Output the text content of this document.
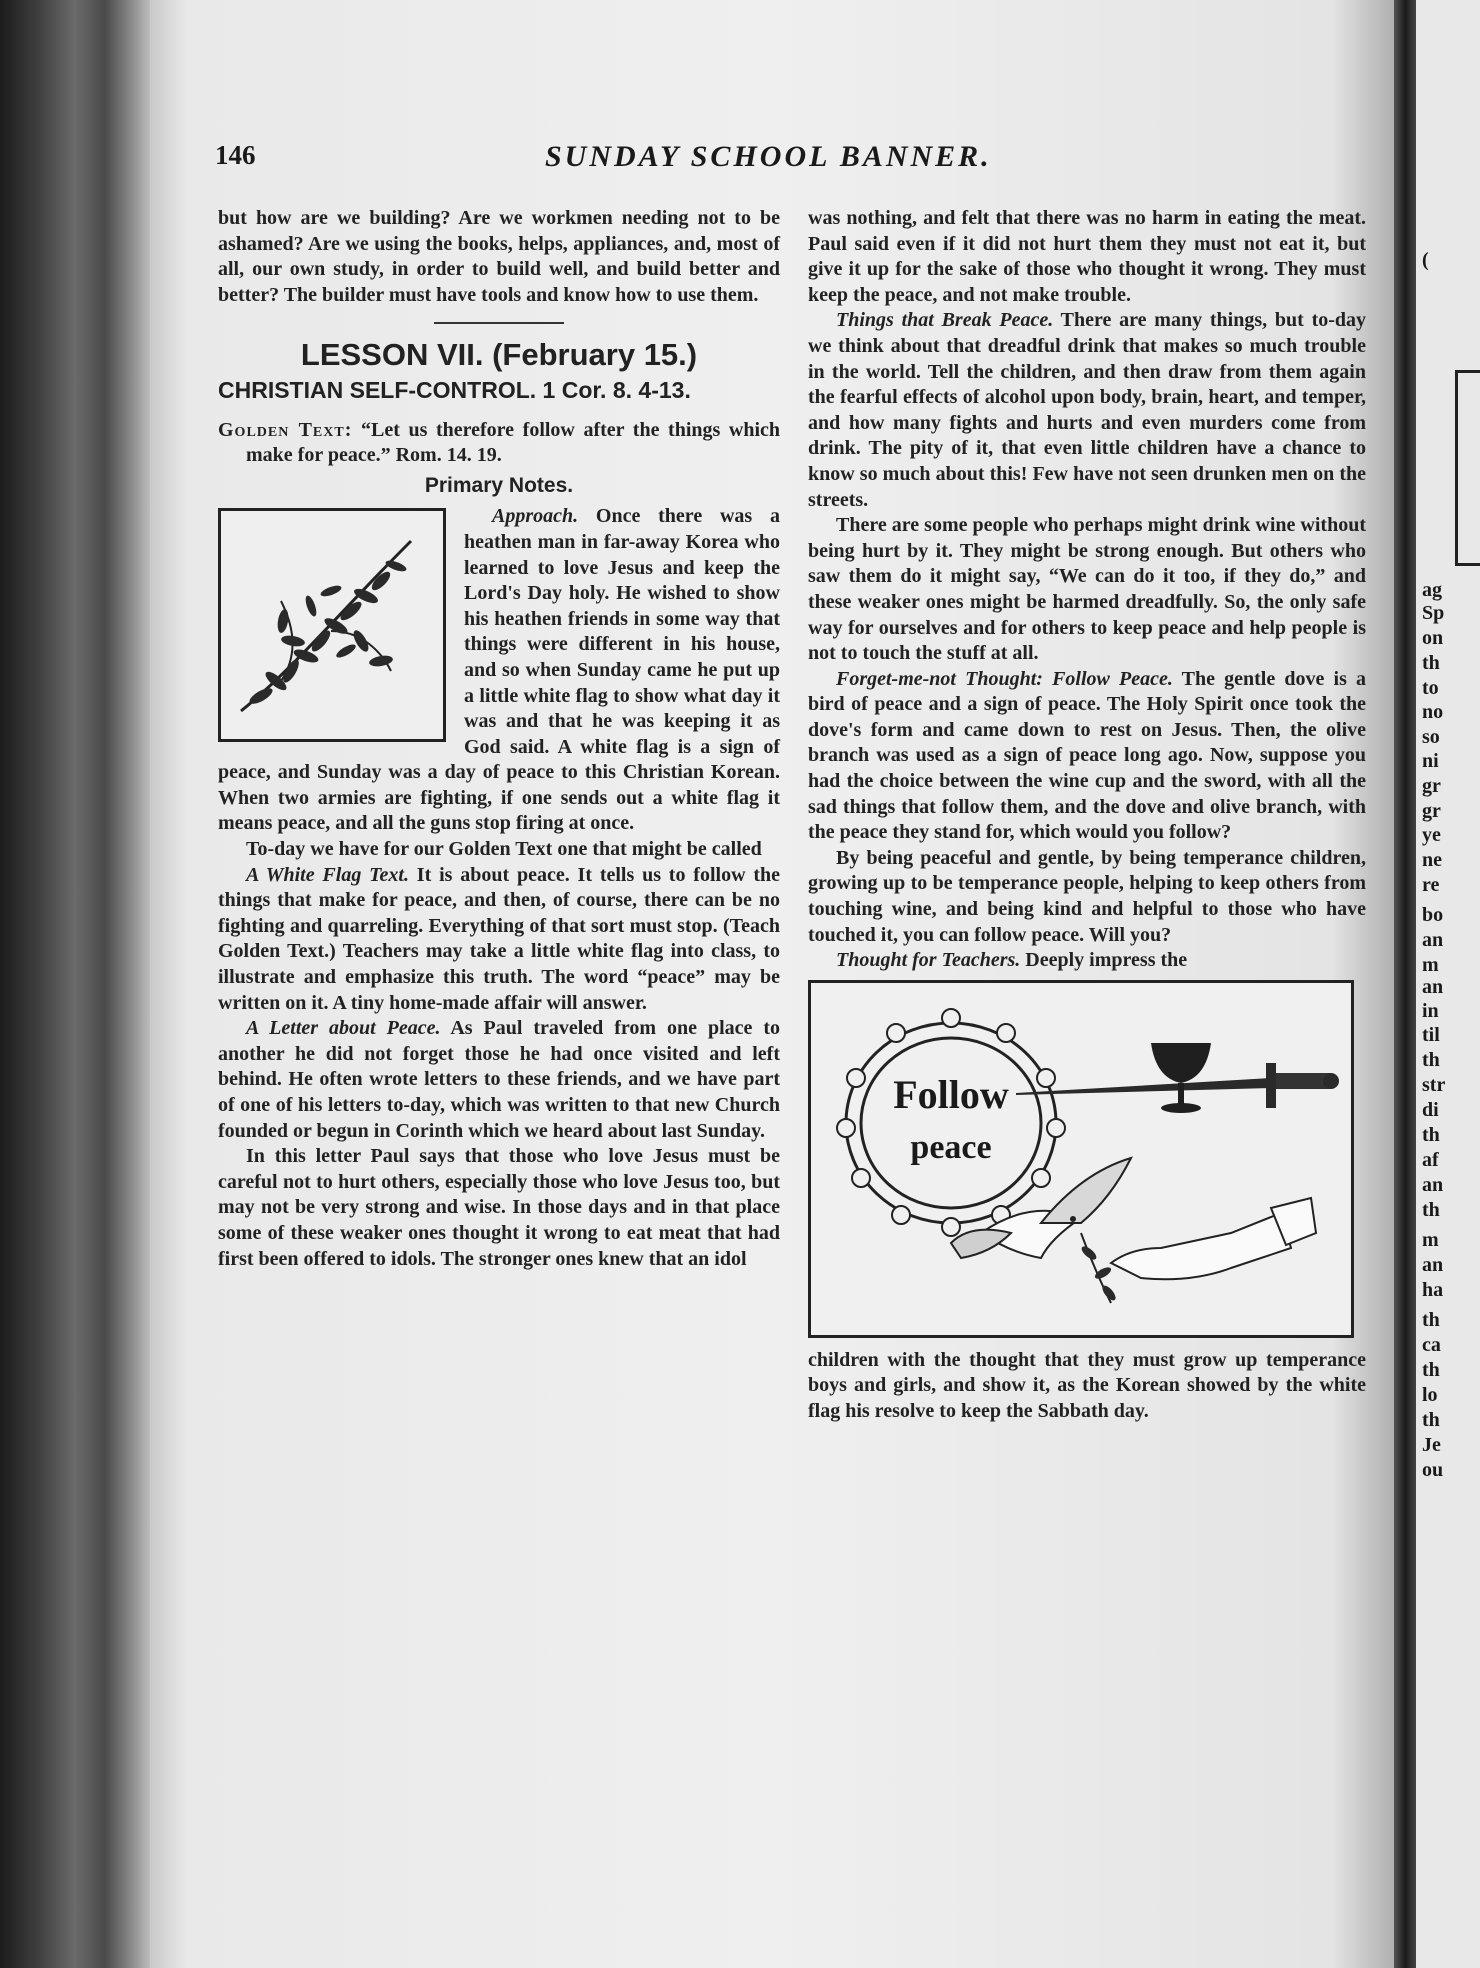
(
ag
Sp
on
th
to
no
so
ni
gr
gr
ye
ne
re
bo
an
m
an
in
til
th
str
di
th
af
an
th
m
an
ha
th
ca
th
lo
th
Je
ou
146	SUNDAY SCHOOL BANNER.

but how are we building? Are we workmen needing not to be ashamed? Are we using the books, helps, appliances, and, most of all, our own study, in order to build well, and build better and better? The builder must have tools and know how to use them.

LESSON VII. (February 15.)
CHRISTIAN SELF-CONTROL. 1 Cor. 8. 4-13.

Golden Text: “Let us therefore follow after the things which make for peace.” Rom. 14. 19.

Primary Notes.

Approach. Once there was a heathen man in far-away Korea who learned to love Jesus and keep the Lord's Day holy. He wished to show his heathen friends in some way that things were different in his house, and so when Sunday came he put up a little white flag to show what day it was and that he was keeping it as God said. A white flag is a sign of peace, and Sunday was a day of peace to this Christian Korean. When two armies are fighting, if one sends out a white flag it means peace, and all the guns stop firing at once.

To-day we have for our Golden Text one that might be called

A White Flag Text. It is about peace. It tells us to follow the things that make for peace, and then, of course, there can be no fighting and quarreling. Everything of that sort must stop. (Teach Golden Text.) Teachers may take a little white flag into class, to illustrate and emphasize this truth. The word “peace” may be written on it. A tiny home-made affair will answer.

A Letter about Peace. As Paul traveled from one place to another he did not forget those he had once visited and left behind. He often wrote letters to these friends, and we have part of one of his letters to-day, which was written to that new Church founded or begun in Corinth which we heard about last Sunday.

In this letter Paul says that those who love Jesus must be careful not to hurt others, especially those who love Jesus too, but may not be very strong and wise. In those days and in that place some of these weaker ones thought it wrong to eat meat that had first been offered to idols. The stronger ones knew that an idol

was nothing, and felt that there was no harm in eating the meat. Paul said even if it did not hurt them they must not eat it, but give it up for the sake of those who thought it wrong. They must keep the peace, and not make trouble.

Things that Break Peace. There are many things, but to-day we think about that dreadful drink that makes so much trouble in the world. Tell the children, and then draw from them again the fearful effects of alcohol upon body, brain, heart, and temper, and how many fights and hurts and even murders come from drink. The pity of it, that even little children have a chance to know so much about this! Few have not seen drunken men on the streets.

There are some people who perhaps might drink wine without being hurt by it. They might be strong enough. But others who saw them do it might say, “We can do it too, if they do,” and these weaker ones might be harmed dreadfully. So, the only safe way for ourselves and for others to keep peace and help people is not to touch the stuff at all.

Forget-me-not Thought: Follow Peace. The gentle dove is a bird of peace and a sign of peace. The Holy Spirit once took the dove's form and came down to rest on Jesus. Then, the olive branch was used as a sign of peace long ago. Now, suppose you had the choice between the wine cup and the sword, with all the sad things that follow them, and the dove and olive branch, with the peace they stand for, which would you follow?

By being peaceful and gentle, by being temperance children, growing up to be temperance people, helping to keep others from touching wine, and being kind and helpful to those who have touched it, you can follow peace. Will you?

Thought for Teachers. Deeply impress the

Follow
peace

children with the thought that they must grow up temperance boys and girls, and show it, as the Korean showed by the white flag his resolve to keep the Sabbath day.
